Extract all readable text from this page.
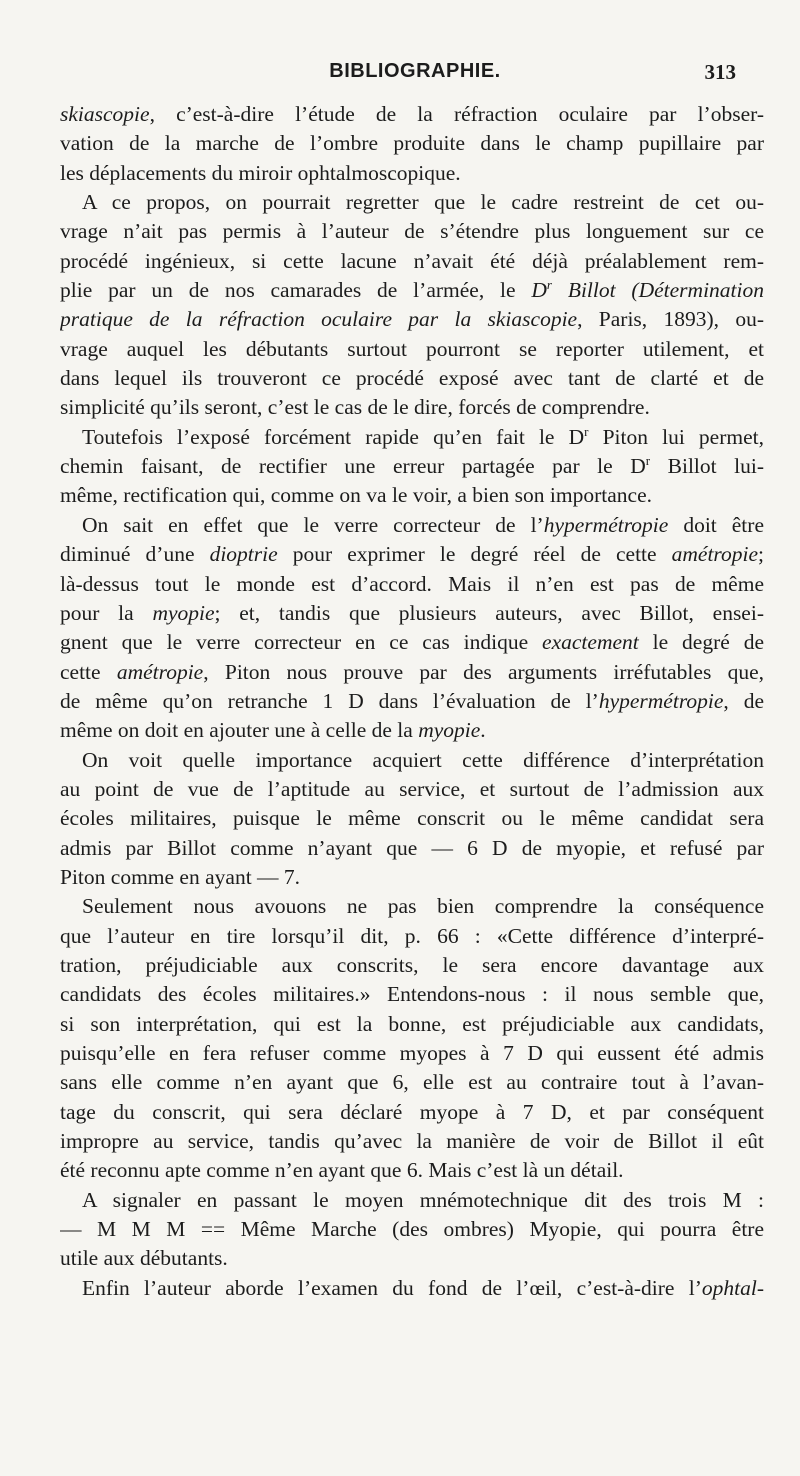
BIBLIOGRAPHIE.	313
skiascopie, c’est-à-dire l’étude de la réfraction oculaire par l’obser-
vation de la marche de l’ombre produite dans le champ pupillaire par
les déplacements du miroir ophtalmoscopique.
A ce propos, on pourrait regretter que le cadre restreint de cet ou-
vrage n’ait pas permis à l’auteur de s’étendre plus longuement sur ce
procédé ingénieux, si cette lacune n’avait été déjà préalablement rem-
plie par un de nos camarades de l’armée, le $D^r$ Billot (Détermination
pratique de la réfraction oculaire par la skiascopie, Paris, 1893), ou-
vrage auquel les débutants surtout pourront se reporter utilement, et
dans lequel ils trouveront ce procédé exposé avec tant de clarté et de
simplicité qu’ils seront, c’est le cas de le dire, forcés de comprendre.
Toutefois l’exposé forcément rapide qu’en fait le $D^r$ Piton lui permet,
chemin faisant, de rectifier une erreur partagée par le $D^r$ Billot lui-
même, rectification qui, comme on va le voir, a bien son importance.
On sait en effet que le verre correcteur de l’hypermétropie doit être
diminué d’une dioptrie pour exprimer le degré réel de cette amétropie;
là-dessus tout le monde est d’accord. Mais il n’en est pas de même
pour la myopie; et, tandis que plusieurs auteurs, avec Billot, ensei-
gnent que le verre correcteur en ce cas indique exactement le degré de
cette amétropie, Piton nous prouve par des arguments irréfutables que,
de même qu’on retranche 1 D dans l’évaluation de l’hypermétropie, de
même on doit en ajouter une à celle de la myopie.
On voit quelle importance acquiert cette différence d’interprétation
au point de vue de l’aptitude au service, et surtout de l’admission aux
écoles militaires, puisque le même conscrit ou le même candidat sera
admis par Billot comme n’ayant que — 6 D de myopie, et refusé par
Piton comme en ayant — 7.
Seulement nous avouons ne pas bien comprendre la conséquence
que l’auteur en tire lorsqu’il dit, p. 66 : «Cette différence d’interpré-
tration, préjudiciable aux conscrits, le sera encore davantage aux
candidats des écoles militaires.» Entendons-nous : il nous semble que,
si son interprétation, qui est la bonne, est préjudiciable aux candidats,
puisqu’elle en fera refuser comme myopes à 7 D qui eussent été admis
sans elle comme n’en ayant que 6, elle est au contraire tout à l’avan-
tage du conscrit, qui sera déclaré myope à 7 D, et par conséquent
impropre au service, tandis qu’avec la manière de voir de Billot il eût
été reconnu apte comme n’en ayant que 6. Mais c’est là un détail.
A signaler en passant le moyen mnémotechnique dit des trois M :
— M M M == Même Marche (des ombres) Myopie, qui pourra être
utile aux débutants.
Enfin l’auteur aborde l’examen du fond de l’œil, c’est-à-dire l’ophtal-
